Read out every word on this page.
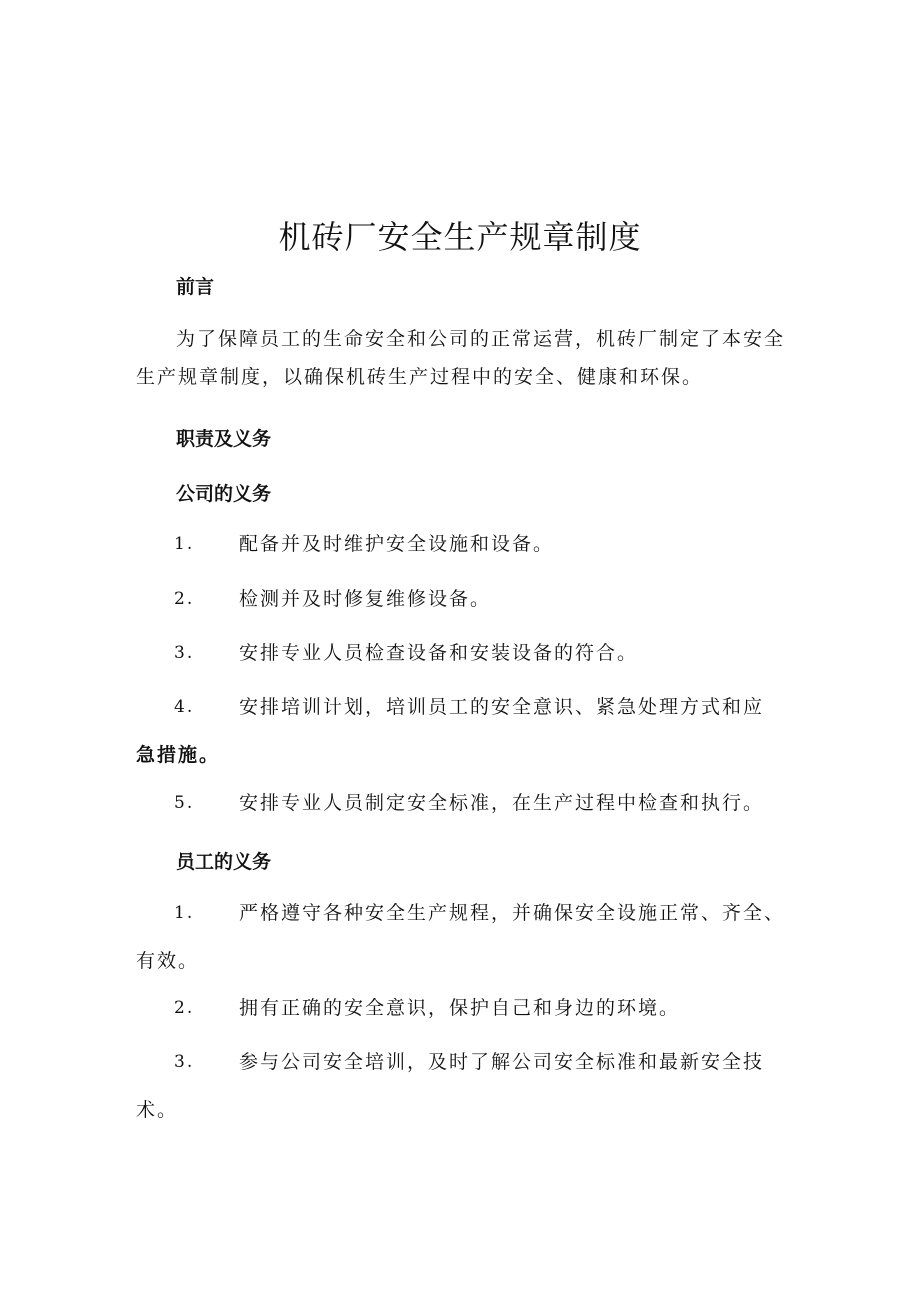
机砖厂安全生产规章制度
前言

为了保障员工的生命安全和公司的正常运营，机砖厂制定了本安全生产规章制度，以确保机砖生产过程中的安全、健康和环保。

职责及义务
公司的义务
1.	配备并及时维护安全设施和设备。
2.	检测并及时修复维修设备。
3.	安排专业人员检查设备和安装设备的符合。
4.	安排培训计划，培训员工的安全意识、紧急处理方式和应
急措施。
5.	安排专业人员制定安全标准，在生产过程中检查和执行。
员工的义务
1.	严格遵守各种安全生产规程，并确保安全设施正常、齐全、
有效。
2.	拥有正确的安全意识，保护自己和身边的环境。
3.	参与公司安全培训，及时了解公司安全标准和最新安全技
术。
